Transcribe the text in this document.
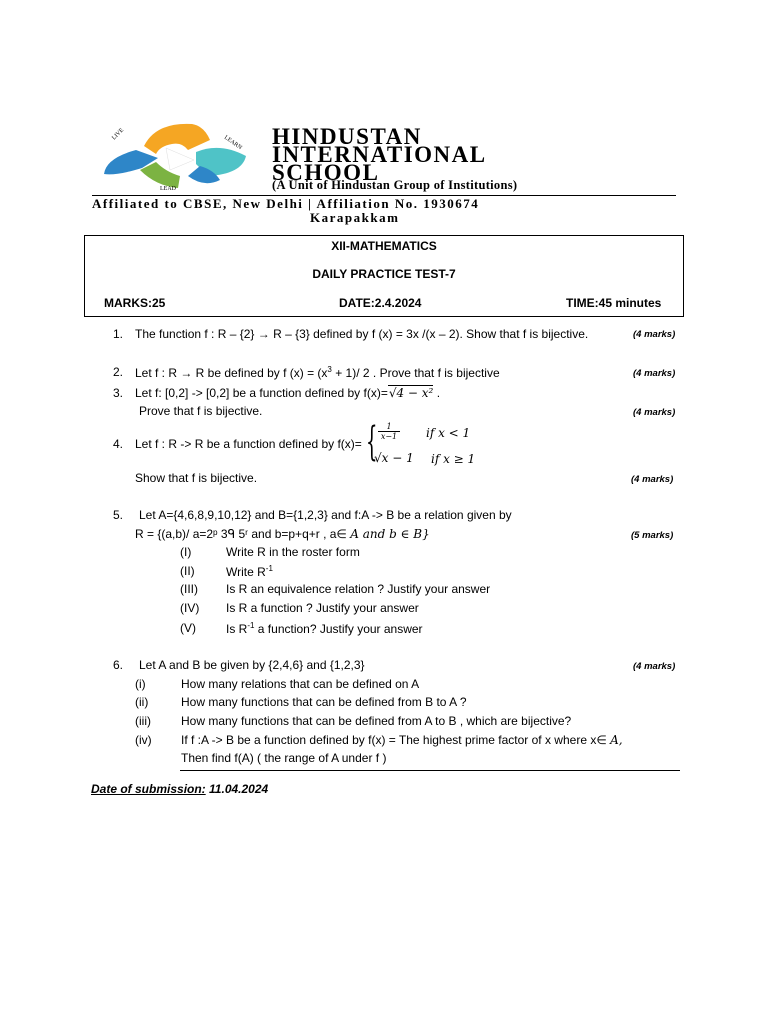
LEAD
LEARN
LIVE	HINDUSTAN
INTERNATIONAL
SCHOOL
(A Unit of Hindustan Group of Institutions)
Affiliated to CBSE, New Delhi | Affiliation No. 1930674
Karapakkam
XII-MATHEMATICS
DAILY PRACTICE TEST-7
MARKS:25	DATE:2.4.2024	TIME:45 minutes
1. The function f : R – {2} → R – {3} defined by f (x) = 3x /(x – 2). Show that f is bijective.	(4 marks)
2. Let f : R → R be defined by f $(x) = (x^3 + 1)/$ 2 . Prove that f is bijective	(4 marks)
3. Let f: [0,2] -> [0,2] be a function defined by f(x)=√4 − x² .
Prove that f is bijective.	(4 marks)
4. Let f : R -> R be a function defined by f(x)= {	1
x−1 if x < 1
√x − 1 if x ≥ 1
Show that f is bijective.	(4 marks)
5. Let A={4,6,8,9,10,12} and B={1,2,3} and f:A -> B be a relation given by
R = {(a,b)/ a=2ᵖ 3ᑫ 5ʳ and b=p+q+r , a∈ A and b ∈ B}	(5 marks)
(I)	Write R in the roster form
(II)	Write $R^{-1}$
(III) Is R an equivalence relation ? Justify your answer
(IV) Is R a function ? Justify your answer
(V)	Is $R^{-1}$ a function? Justify your answer
6. Let A and B be given by {2,4,6} and {1,2,3}	(4 marks)
(i)	How many relations that can be defined on A
(ii)	How many functions that can be defined from B to A ?
(iii)	How many functions that can be defined from A to B , which are bijective?
(iv) If f :A -> B be a function defined by f(x) = The highest prime factor of x where x∈ A,
Then find f(A) ( the range of A under f )
Date of submission: 11.04.2024
